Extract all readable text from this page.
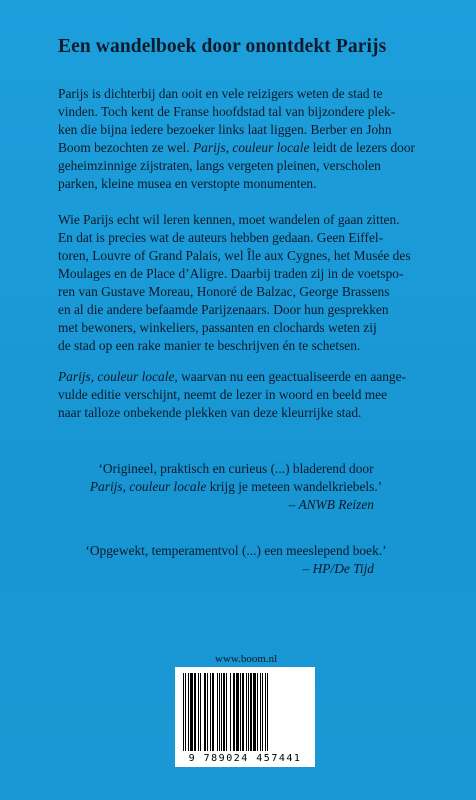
Een wandelboek door onontdekt Parijs

Parijs is dichterbij dan ooit en vele reizigers weten de stad te
vinden. Toch kent de Franse hoofdstad tal van bijzondere plek-
ken die bijna iedere bezoeker links laat liggen. Berber en John
Boom bezochten ze wel. Parijs, couleur locale leidt de lezers door
geheimzinnige zijstraten, langs vergeten pleinen, verscholen
parken, kleine musea en verstopte monumenten.

Wie Parijs echt wil leren kennen, moet wandelen of gaan zitten.
En dat is precies wat de auteurs hebben gedaan. Geen Eiffel-
toren, Louvre of Grand Palais, wel Île aux Cygnes, het Musée des
Moulages en de Place d’Aligre. Daarbij traden zij in de voetspo-
ren van Gustave Moreau, Honoré de Balzac, George Brassens
en al die andere befaamde Parijzenaars. Door hun gesprekken
met bewoners, winkeliers, passanten en clochards weten zij
de stad op een rake manier te beschrijven én te schetsen.

Parijs, couleur locale, waarvan nu een geactualiseerde en aange-
vulde editie verschijnt, neemt de lezer in woord en beeld mee
naar talloze onbekende plekken van deze kleurrijke stad.

‘Origineel, praktisch en curieus (...) bladerend door
Parijs, couleur locale krijg je meteen wandelkriebels.’
– ANWB Reizen
‘Opgewekt, temperamentvol (...) een meeslepend boek.’
– HP/De Tijd
www.boom.nl
9 789024 457441
